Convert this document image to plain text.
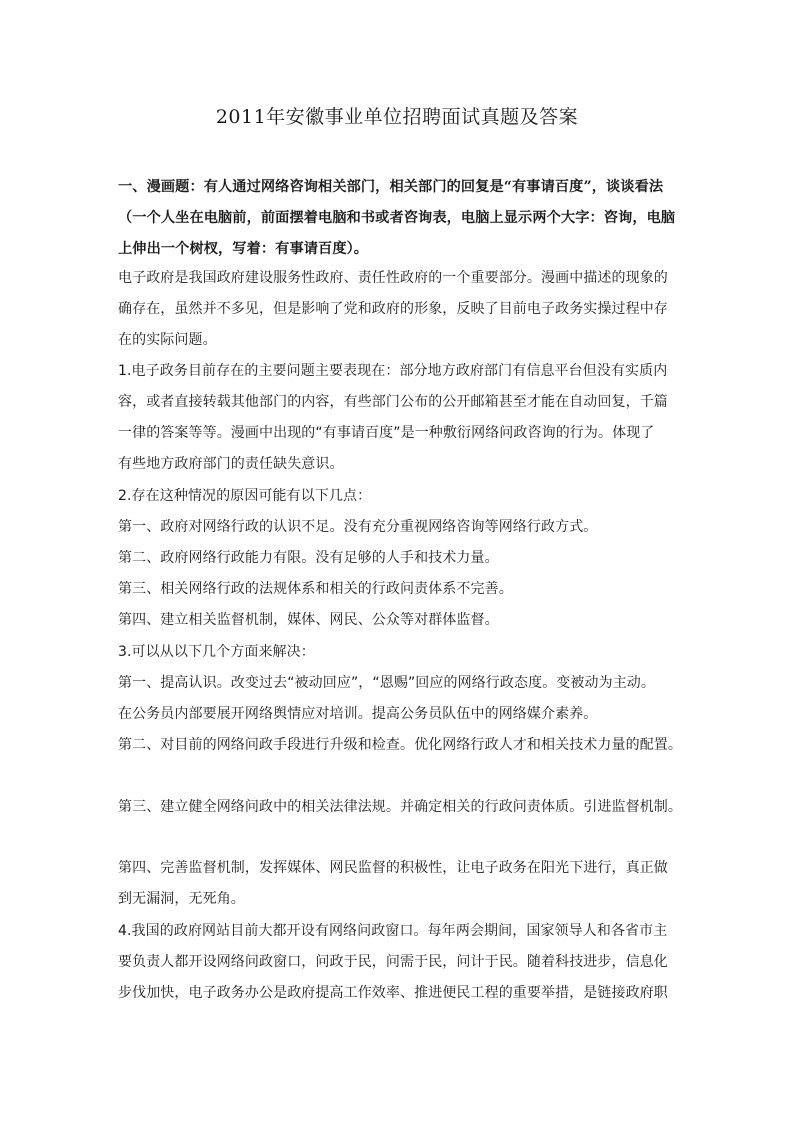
2011年安徽事业单位招聘面试真题及答案
一、漫画题：有人通过网络咨询相关部门，相关部门的回复是“有事请百度”，谈谈看法
（一个人坐在电脑前，前面摆着电脑和书或者咨询表，电脑上显示两个大字：咨询，电脑
上伸出一个树杈，写着：有事请百度）。
电子政府是我国政府建设服务性政府、责任性政府的一个重要部分。漫画中描述的现象的
确存在，虽然并不多见，但是影响了党和政府的形象，反映了目前电子政务实操过程中存
在的实际问题。
1.电子政务目前存在的主要问题主要表现在：部分地方政府部门有信息平台但没有实质内
容，或者直接转载其他部门的内容，有些部门公布的公开邮箱甚至才能在自动回复，千篇
一律的答案等等。漫画中出现的“有事请百度”是一种敷衍网络问政咨询的行为。体现了
有些地方政府部门的责任缺失意识。
2.存在这种情况的原因可能有以下几点：
第一、政府对网络行政的认识不足。没有充分重视网络咨询等网络行政方式。
第二、政府网络行政能力有限。没有足够的人手和技术力量。
第三、相关网络行政的法规体系和相关的行政问责体系不完善。
第四、建立相关监督机制，媒体、网民、公众等对群体监督。
3.可以从以下几个方面来解决：
第一、提高认识。改变过去“被动回应”，“恩赐”回应的网络行政态度。变被动为主动。
在公务员内部要展开网络舆情应对培训。提高公务员队伍中的网络媒介素养。
第二、对目前的网络问政手段进行升级和检查。优化网络行政人才和相关技术力量的配置。
第三、建立健全网络问政中的相关法律法规。并确定相关的行政问责体质。引进监督机制。
第四、完善监督机制，发挥媒体、网民监督的积极性，让电子政务在阳光下进行，真正做
到无漏洞，无死角。
4.我国的政府网站目前大都开设有网络问政窗口。每年两会期间，国家领导人和各省市主
要负责人都开设网络问政窗口，问政于民，问需于民，问计于民。随着科技进步，信息化
步伐加快，电子政务办公是政府提高工作效率、推进便民工程的重要举措，是链接政府职
